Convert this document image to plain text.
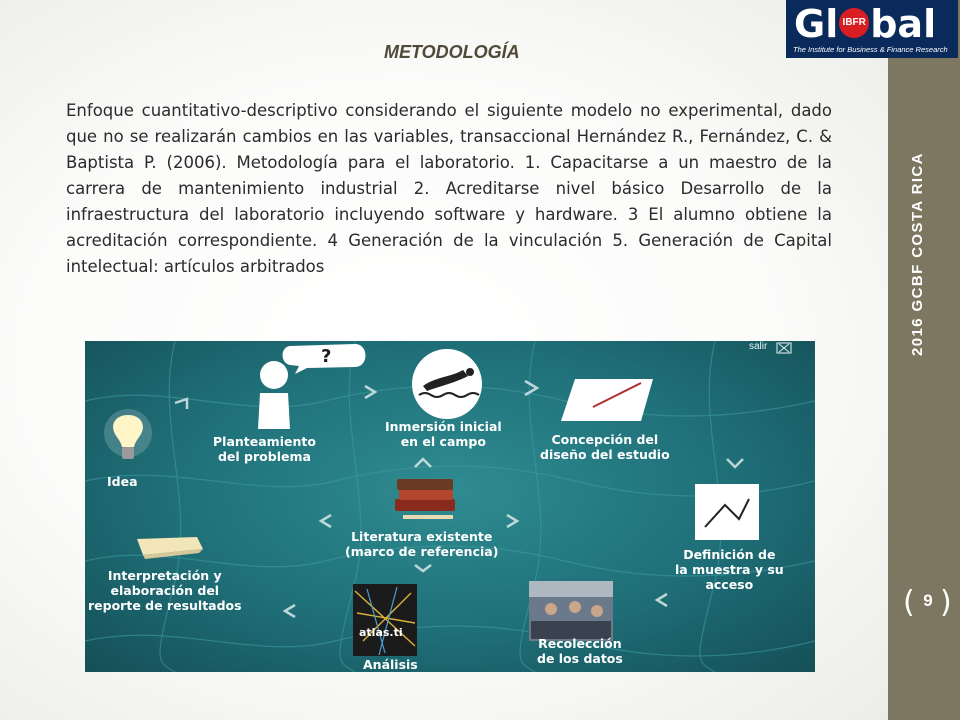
2016 GCBF COSTA RICA
Gl IBFR bal
The Institute for Business & Finance Research
METODOLOGÍA

Enfoque cuantitativo-descriptivo considerando el siguiente modelo no experimental, dado que no se realizarán cambios en las variables, transaccional Hernández R., Fernández, C. & Baptista P. (2006). Metodología para el laboratorio. 1. Capacitarse a un maestro de la carrera de mantenimiento industrial 2. Acreditarse nivel básico Desarrollo de la infraestructura del laboratorio incluyendo software y hardware. 3 El alumno obtiene la acreditación correspondiente. 4 Generación de la vinculación 5. Generación de Capital intelectual: artículos arbitrados

salir
?
Idea
Planteamiento
del problema
Inmersión inicial
en el campo	Concepción del
diseño del estudio
Definición de
la muestra y su
acceso
Recolección
de los datos
Análisis
atlas.ti
Interpretación y
elaboración del
reporte de resultados
Literatura existente
(marco de referencia)
( 9 )
